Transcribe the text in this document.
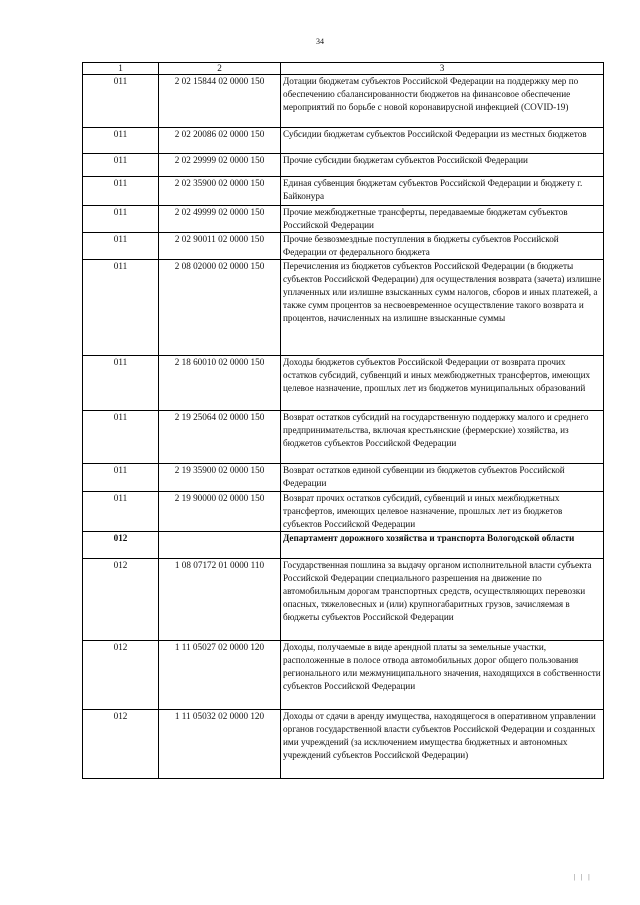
34
1	2	3
011	2 02 15844 02 0000 150	Дотации бюджетам субъектов Российской Федерации на поддержку мер по обеспечению сбалансированности бюджетов на финансовое обеспечение мероприятий по борьбе с новой коронавирусной инфекцией (COVID-19)
011	2 02 20086 02 0000 150	Субсидии бюджетам субъектов Российской Федерации из местных бюджетов
011	2 02 29999 02 0000 150	Прочие субсидии бюджетам субъектов Российской Федерации
011	2 02 35900 02 0000 150	Единая субвенция бюджетам субъектов Российской Федерации и бюджету г. Байконура
011	2 02 49999 02 0000 150	Прочие межбюджетные трансферты, передаваемые бюджетам субъектов Российской Федерации
011	2 02 90011 02 0000 150	Прочие безвозмездные поступления в бюджеты субъектов Российской Федерации от федерального бюджета
011	2 08 02000 02 0000 150	Перечисления из бюджетов субъектов Российской Федерации (в бюджеты субъектов Российской Федерации) для осуществления возврата (зачета) излишне уплаченных или излишне взысканных сумм налогов, сборов и иных платежей, а также сумм процентов за несвоевременное осуществление такого возврата и процентов, начисленных на излишне взысканные суммы
011	2 18 60010 02 0000 150	Доходы бюджетов субъектов Российской Федерации от возврата прочих остатков субсидий, субвенций и иных межбюджетных трансфертов, имеющих целевое назначение, прошлых лет из бюджетов муниципальных образований
011	2 19 25064 02 0000 150	Возврат остатков субсидий на государственную поддержку малого и среднего предпринимательства, включая крестьянские (фермерские) хозяйства, из бюджетов субъектов Российской Федерации
011	2 19 35900 02 0000 150	Возврат остатков единой субвенции из бюджетов субъектов Российской Федерации
011	2 19 90000 02 0000 150	Возврат прочих остатков субсидий, субвенций и иных межбюджетных трансфертов, имеющих целевое назначение, прошлых лет из бюджетов субъектов Российской Федерации
012		Департамент дорожного хозяйства и транспорта Вологодской области
012	1 08 07172 01 0000 110	Государственная пошлина за выдачу органом исполнительной власти субъекта Российской Федерации специального разрешения на движение по автомобильным дорогам транспортных средств, осуществляющих перевозки опасных, тяжеловесных и (или) крупногабаритных грузов, зачисляемая в бюджеты субъектов Российской Федерации
012	1 11 05027 02 0000 120	Доходы, получаемые в виде арендной платы за земельные участки, расположенные в полосе отвода автомобильных дорог общего пользования регионального или межмуниципального значения, находящихся в собственности субъектов Российской Федерации
012	1 11 05032 02 0000 120	Доходы от сдачи в аренду имущества, находящегося в оперативном управлении органов государственной власти субъектов Российской Федерации и созданных ими учреждений (за исключением имущества бюджетных и автономных учреждений субъектов Российской Федерации)
| | |
